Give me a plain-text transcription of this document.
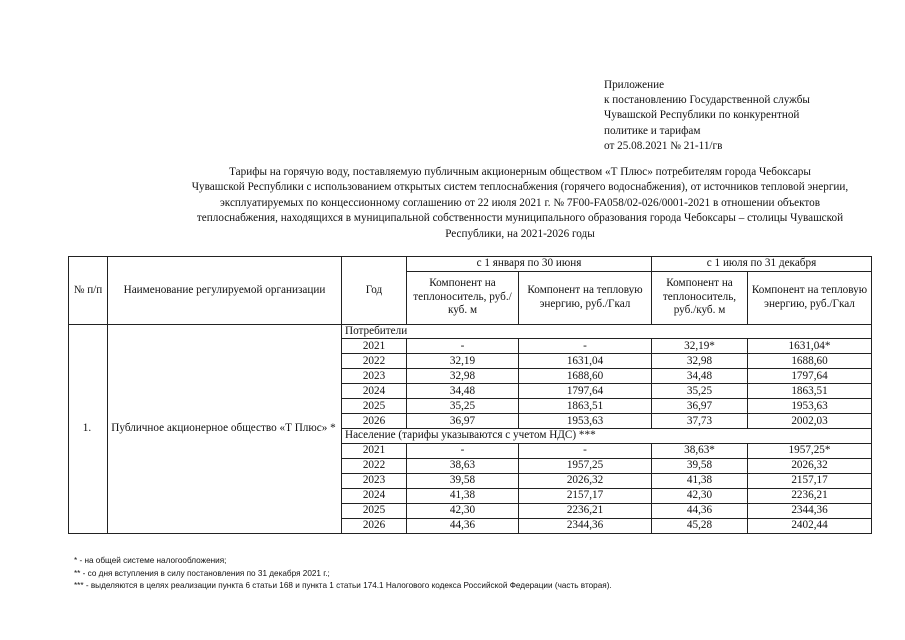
Приложение
к постановлению Государственной службы
Чувашской Республики по конкурентной
политике и тарифам
от 25.08.2021 № 21-11/гв
Тарифы на горячую воду, поставляемую публичным акционерным обществом «Т Плюс» потребителям города Чебоксары
Чувашской Республики с использованием открытых систем теплоснабжения (горячего водоснабжения), от источников тепловой энергии,
эксплуатируемых по концессионному соглашению от 22 июля 2021 г. № 7F00-FA058/02-026/0001-2021 в отношении объектов
теплоснабжения, находящихся в муниципальной собственности муниципального образования города Чебоксары – столицы Чувашской
Республики, на 2021-2026 годы
№ п/п	Наименование регулируемой организации	Год	с 1 января по 30 июня		с 1 июля по 31 декабря	
			Компонент на теплоноситель, руб./куб. м	Компонент на тепловую энергию, руб./Гкал	Компонент на теплоноситель, руб./куб. м	Компонент на тепловую энергию, руб./Гкал
1.	Публичное акционерное общество «Т Плюс» *	Потребители				
		2021	-	-	32,19*	1631,04*
		2022	32,19	1631,04	32,98	1688,60
		2023	32,98	1688,60	34,48	1797,64
		2024	34,48	1797,64	35,25	1863,51
		2025	35,25	1863,51	36,97	1953,63
		2026	36,97	1953,63	37,73	2002,03
		Население (тарифы указываются с учетом НДС) ***				
		2021	-	-	38,63*	1957,25*
		2022	38,63	1957,25	39,58	2026,32
		2023	39,58	2026,32	41,38	2157,17
		2024	41,38	2157,17	42,30	2236,21
		2025	42,30	2236,21	44,36	2344,36
		2026	44,36	2344,36	45,28	2402,44
* - на общей системе налогообложения;
** - со дня вступления в силу постановления по 31 декабря 2021 г.;
*** - выделяются в целях реализации пункта 6 статьи 168 и пункта 1 статьи 174.1 Налогового кодекса Российской Федерации (часть вторая).
